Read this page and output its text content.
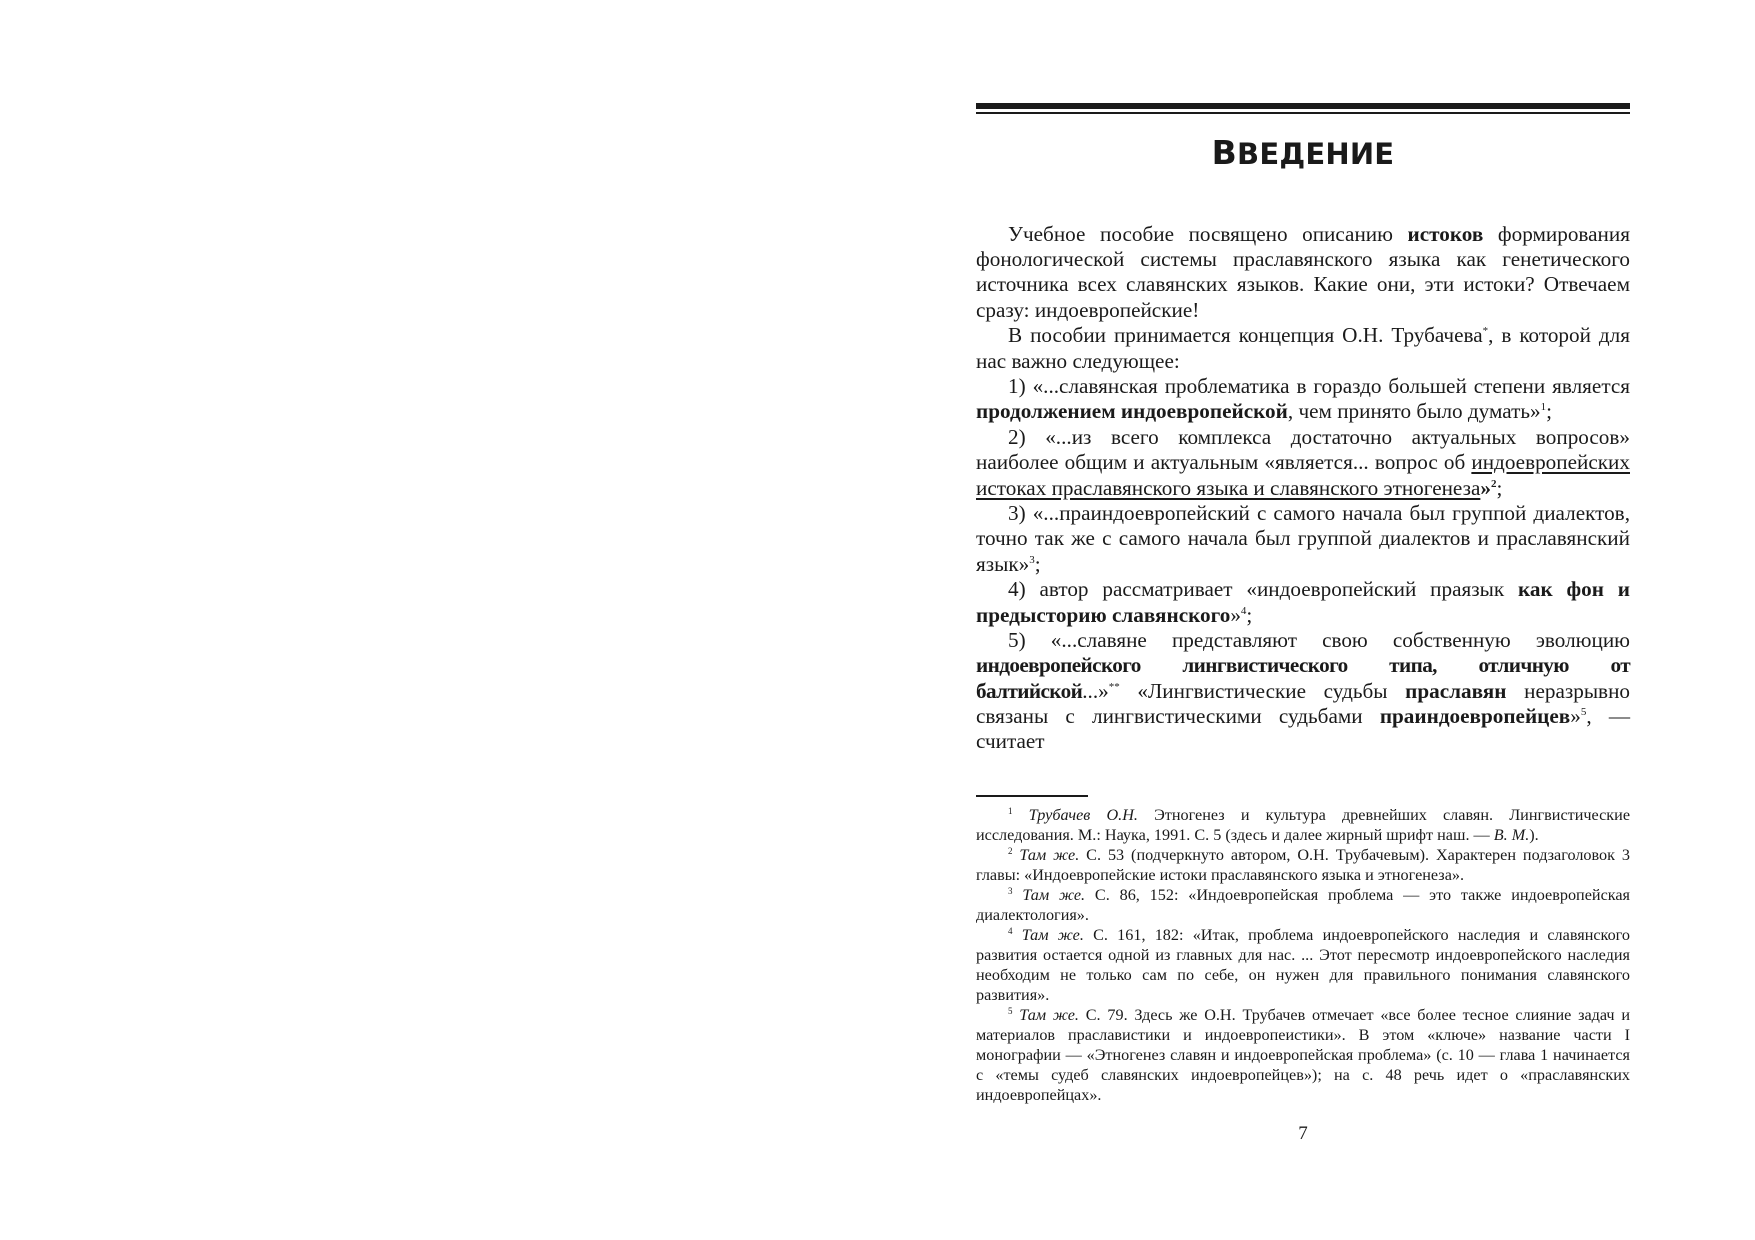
ВВЕДЕНИЕ

Учебное пособие посвящено описанию истоков формирования фонологической системы праславянского языка как генетического источника всех славянских языков. Какие они, эти истоки? Отвечаем сразу: индоевропейские!

В пособии принимается концепция О.Н. Трубачева*, в которой для нас важно следующее:

1) «...славянская проблематика в гораздо большей степени является продолжением индоевропейской, чем принято было думать»$^1$;

2) «...из всего комплекса достаточно актуальных вопросов» наиболее общим и актуальным «является... вопрос об индоевропейских истоках праславянского языка и славянского этногенеза»$^2$;

3) «...праиндоевропейский с самого начала был группой диалектов, точно так же с самого начала был группой диалектов и праславянский язык»$^3$;

4) автор рассматривает «индоевропейский праязык как фон и предысторию славянского»$^4$;

5) «...славяне представляют свою собственную эволюцию индоевропейского лингвистического типа, отличную от балтийской...»** «Лингвистические судьбы праславян неразрывно связаны с лингвистическими судьбами праиндоевропейцев»$^5$, — считает

$^1$ Трубачев О.Н. Этногенез и культура древнейших славян. Лингвистические исследования. М.: Наука, 1991. С. 5 (здесь и далее жирный шрифт наш. — В. М.).

$^2$ Там же. С. 53 (подчеркнуто автором, О.Н. Трубачевым). Характерен подзаголовок 3 главы: «Индоевропейские истоки праславянского языка и этногенеза».

$^3$ Там же. С. 86, 152: «Индоевропейская проблема — это также индоевропейская диалектология».

$^4$ Там же. С. 161, 182: «Итак, проблема индоевропейского наследия и славянского развития остается одной из главных для нас. ... Этот пересмотр индоевропейского наследия необходим не только сам по себе, он нужен для правильного понимания славянского развития».

$^5$ Там же. С. 79. Здесь же О.Н. Трубачев отмечает «все более тесное слияние задач и материалов праславистики и индоевропеистики». В этом «ключе» название части I монографии — «Этногенез славян и индоевропейская проблема» (с. 10 — глава 1 начинается с «темы судеб славянских индоевропейцев»); на с. 48 речь идет о «праславянских индоевропейцах».

7
